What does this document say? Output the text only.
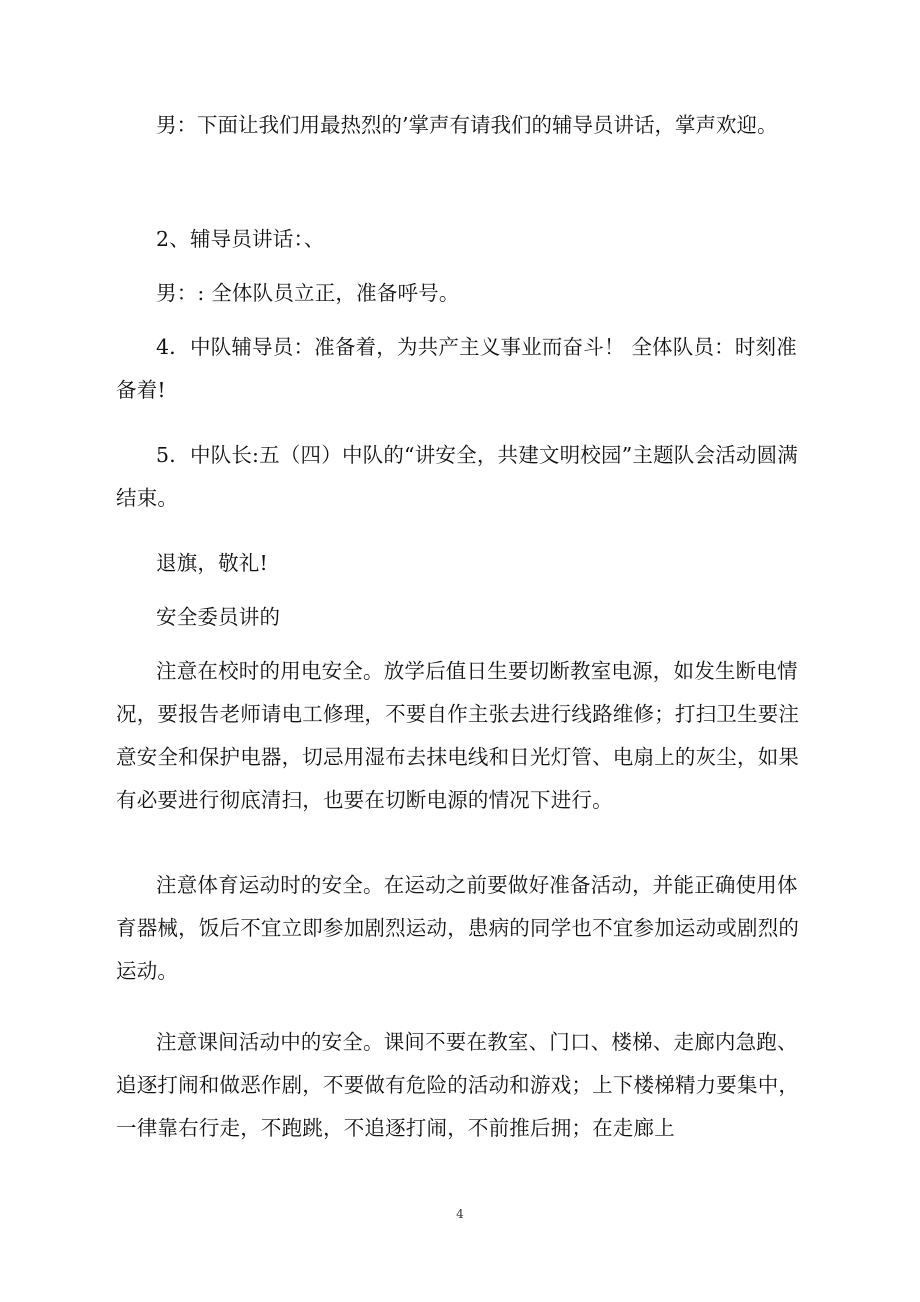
男：下面让我们用最热烈的’掌声有请我们的辅导员讲话，掌声欢迎。

2、辅导员讲话：、

男：: 全体队员立正，准备呼号。

4．中队辅导员：准备着，为共产主义事业而奋斗！ 全体队员：时刻准备着!

5．中队长:五（四）中队的“讲安全，共建文明校园”主题队会活动圆满结束。

退旗，敬礼!

安全委员讲的

注意在校时的用电安全。放学后值日生要切断教室电源，如发生断电情况，要报告老师请电工修理，不要自作主张去进行线路维修；打扫卫生要注意安全和保护电器，切忌用湿布去抹电线和日光灯管、电扇上的灰尘，如果有必要进行彻底清扫，也要在切断电源的情况下进行。

注意体育运动时的安全。在运动之前要做好准备活动，并能正确使用体育器械，饭后不宜立即参加剧烈运动，患病的同学也不宜参加运动或剧烈的运动。

注意课间活动中的安全。课间不要在教室、门口、楼梯、走廊内急跑、追逐打闹和做恶作剧，不要做有危险的活动和游戏；上下楼梯精力要集中，一律靠右行走，不跑跳，不追逐打闹，不前推后拥；在走廊上

4
